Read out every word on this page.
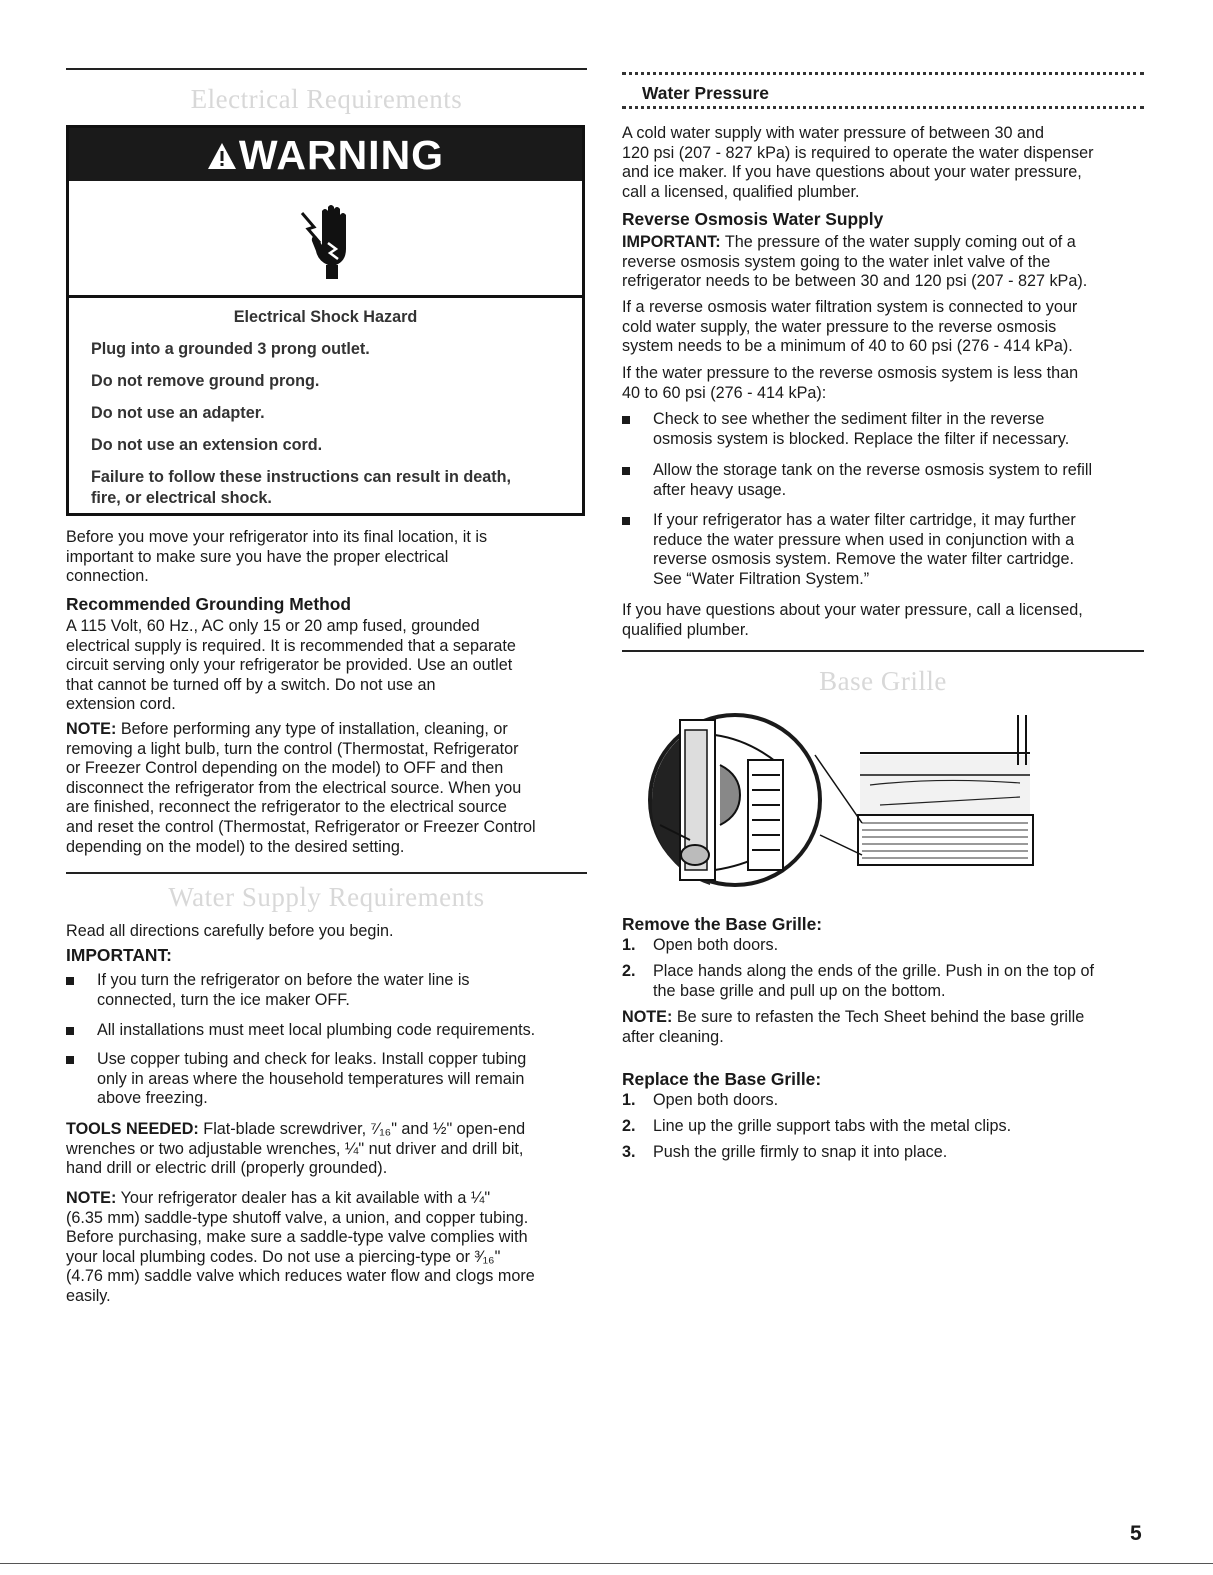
Electrical Requirements
WARNING
Electrical Shock Hazard
Plug into a grounded 3 prong outlet.
Do not remove ground prong.
Do not use an adapter.
Do not use an extension cord.
Failure to follow these instructions can result in death,
fire, or electrical shock.
Before you move your refrigerator into its final location, it is
important to make sure you have the proper electrical
connection.
Recommended Grounding Method
A 115 Volt, 60 Hz., AC only 15 or 20 amp fused, grounded
electrical supply is required. It is recommended that a separate
circuit serving only your refrigerator be provided. Use an outlet
that cannot be turned off by a switch. Do not use an
extension cord.
NOTE: Before performing any type of installation, cleaning, or
removing a light bulb, turn the control (Thermostat, Refrigerator
or Freezer Control depending on the model) to OFF and then
disconnect the refrigerator from the electrical source. When you
are finished, reconnect the refrigerator to the electrical source
and reset the control (Thermostat, Refrigerator or Freezer Control
depending on the model) to the desired setting.
Water Supply Requirements
Read all directions carefully before you begin.
IMPORTANT:
If you turn the refrigerator on before the water line is
connected, turn the ice maker OFF.
All installations must meet local plumbing code requirements.
Use copper tubing and check for leaks. Install copper tubing
only in areas where the household temperatures will remain
above freezing.
TOOLS NEEDED: Flat-blade screwdriver, ⁷⁄₁₆" and ½" open-end
wrenches or two adjustable wrenches, ¼" nut driver and drill bit,
hand drill or electric drill (properly grounded).
NOTE: Your refrigerator dealer has a kit available with a ¼"
(6.35 mm) saddle-type shutoff valve, a union, and copper tubing.
Before purchasing, make sure a saddle-type valve complies with
your local plumbing codes. Do not use a piercing-type or ³⁄₁₆"
(4.76 mm) saddle valve which reduces water flow and clogs more
easily.
Water Pressure
A cold water supply with water pressure of between 30 and
120 psi (207 - 827 kPa) is required to operate the water dispenser
and ice maker. If you have questions about your water pressure,
call a licensed, qualified plumber.
Reverse Osmosis Water Supply
IMPORTANT: The pressure of the water supply coming out of a
reverse osmosis system going to the water inlet valve of the
refrigerator needs to be between 30 and 120 psi (207 - 827 kPa).
If a reverse osmosis water filtration system is connected to your
cold water supply, the water pressure to the reverse osmosis
system needs to be a minimum of 40 to 60 psi (276 - 414 kPa).
If the water pressure to the reverse osmosis system is less than
40 to 60 psi (276 - 414 kPa):
Check to see whether the sediment filter in the reverse
osmosis system is blocked. Replace the filter if necessary.
Allow the storage tank on the reverse osmosis system to refill
after heavy usage.
If your refrigerator has a water filter cartridge, it may further
reduce the water pressure when used in conjunction with a
reverse osmosis system. Remove the water filter cartridge.
See “Water Filtration System.”
If you have questions about your water pressure, call a licensed,
qualified plumber.
Base Grille
Remove the Base Grille:
1. Open both doors.
2. Place hands along the ends of the grille. Push in on the top of
the base grille and pull up on the bottom.
NOTE: Be sure to refasten the Tech Sheet behind the base grille
after cleaning.
Replace the Base Grille:
1. Open both doors.
2. Line up the grille support tabs with the metal clips.
3. Push the grille firmly to snap it into place.
5
